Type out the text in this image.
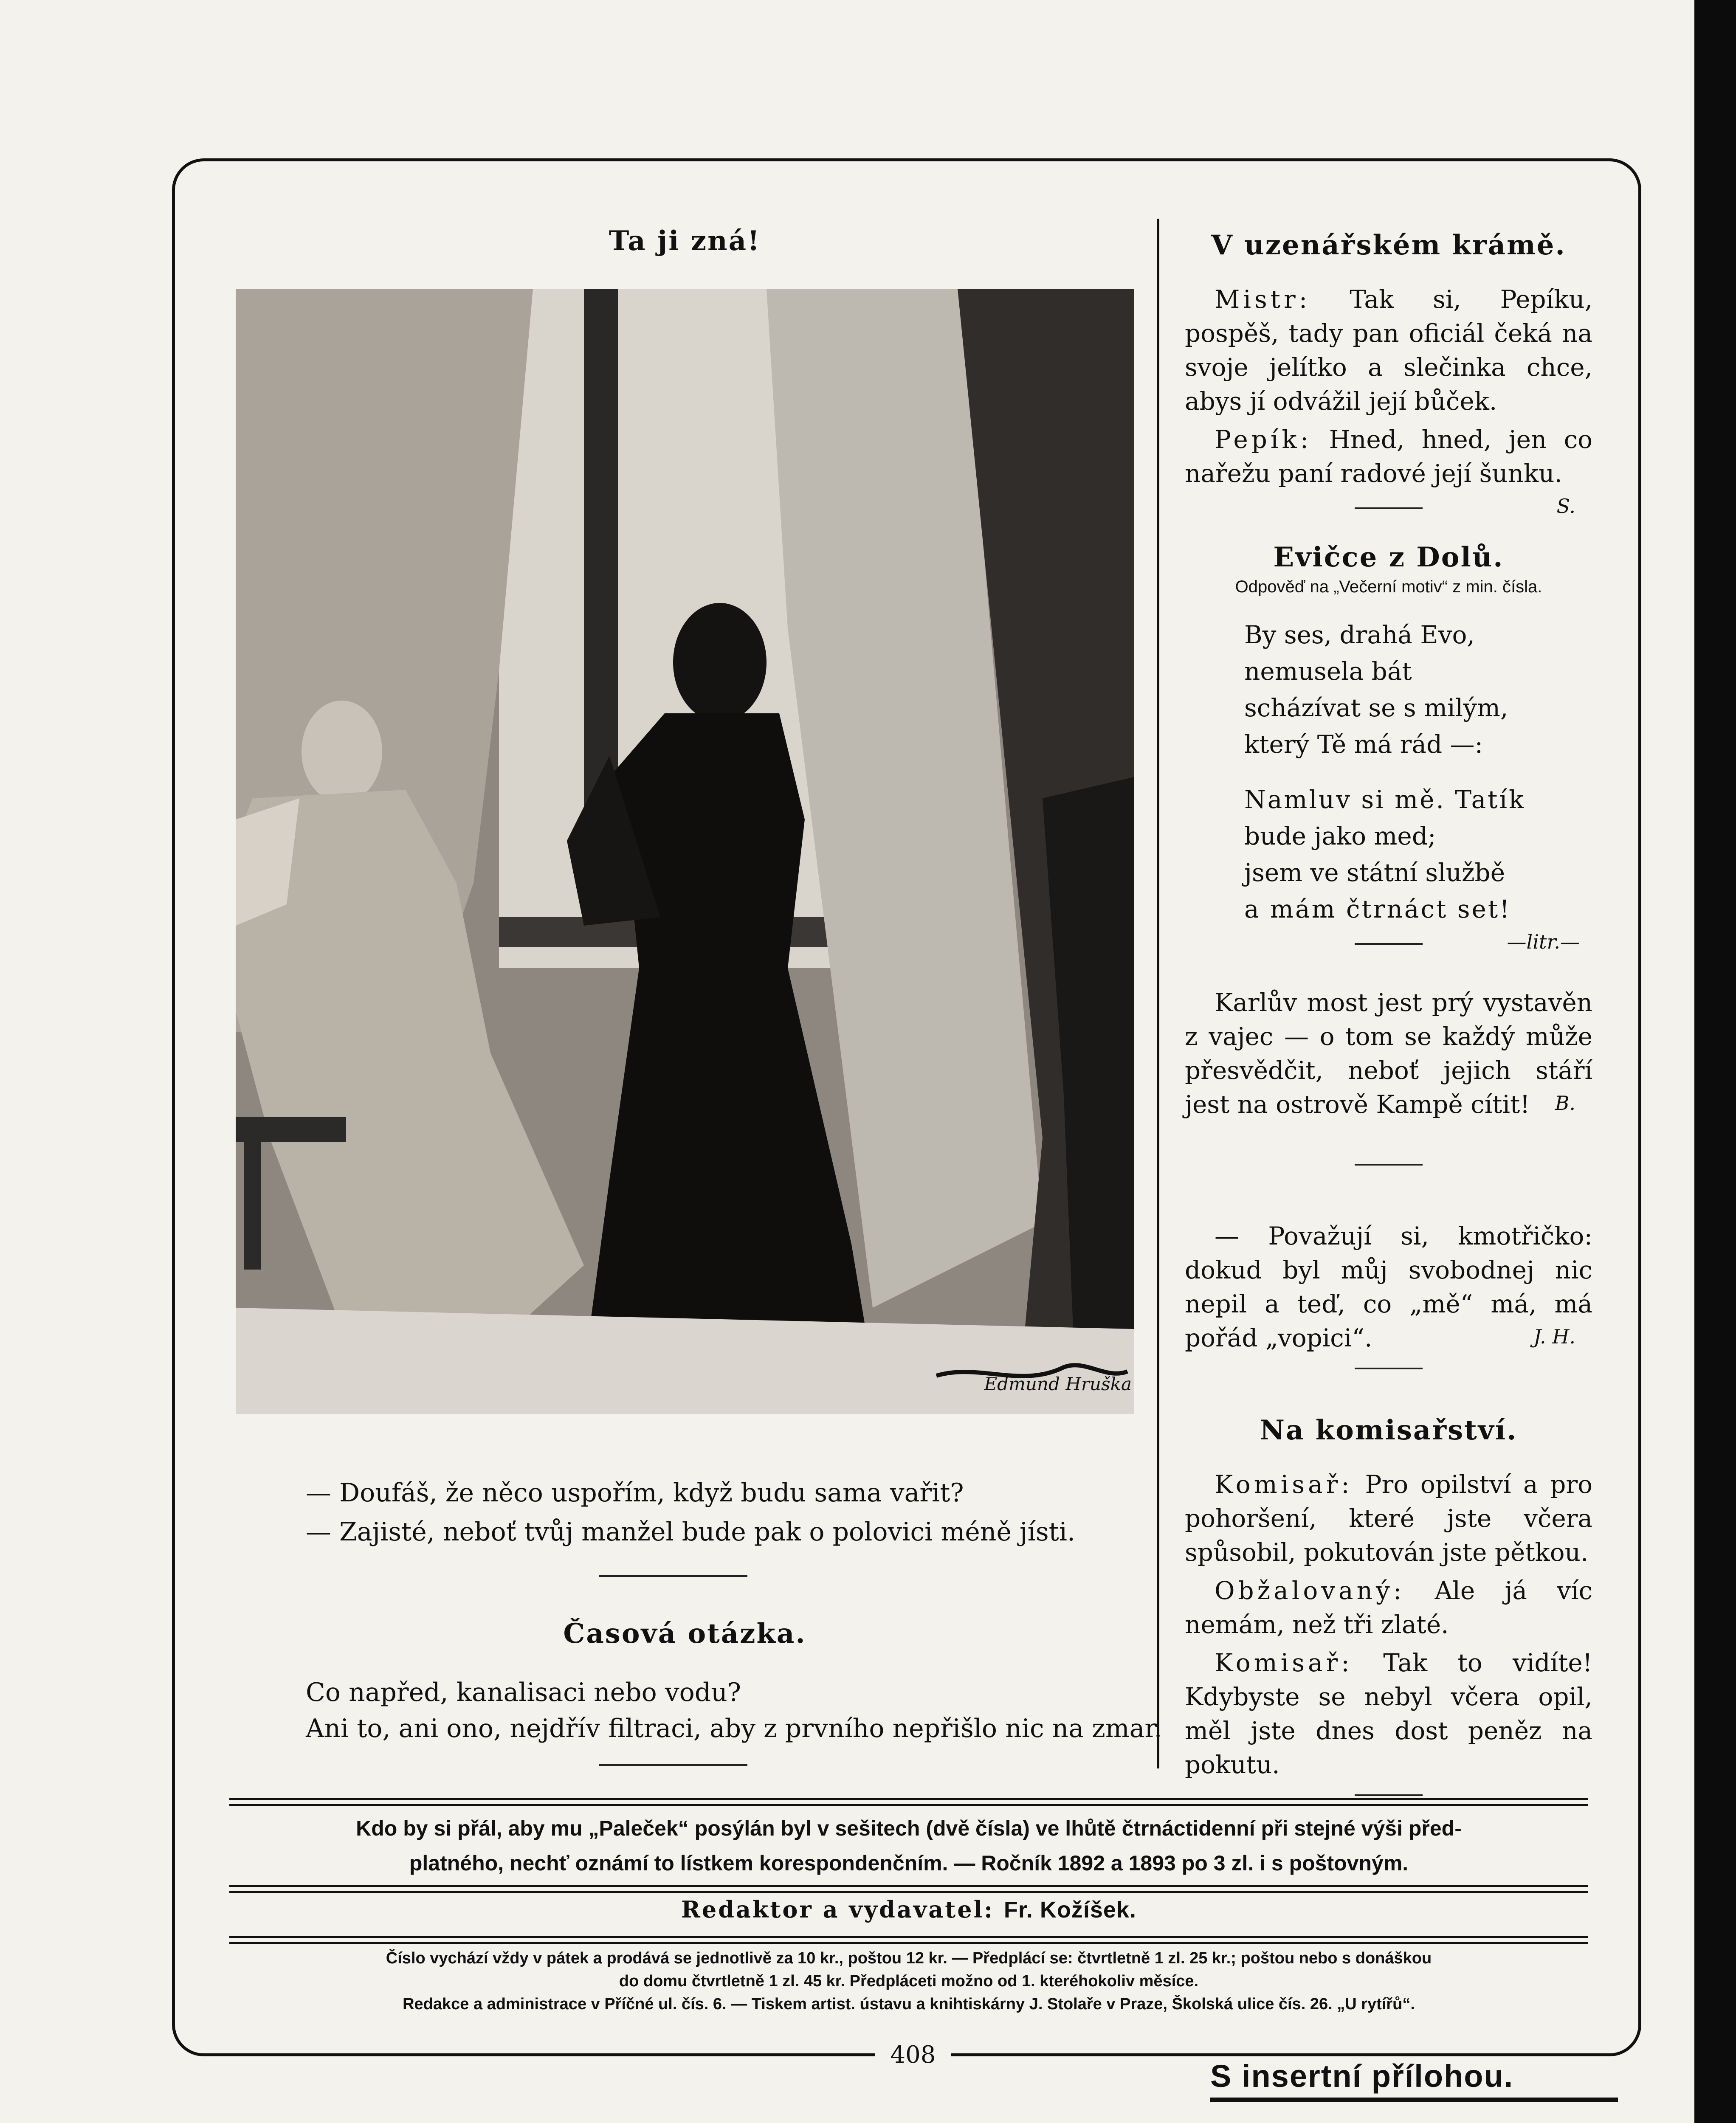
Ta ji zná!
Edmund Hruška
— Doufáš, že něco uspořím, když budu sama vařit?
— Zajisté, neboť tvůj manžel bude pak o polovici méně jísti.
Časová otázka.
Co napřed, kanalisaci nebo vodu?
Ani to, ani ono, nejdřív filtraci, aby z prvního nepřišlo nic na zmar.
V uzenářském krámě.

Mistr: Tak si, Pepíku, pospěš, tady pan oficiál čeká na svoje jelítko a slečinka chce, abys jí odvážil její bůček.

Pepík: Hned, hned, jen co nařežu paní radové její šunku.

S.
Evičce z Dolů.
Odpověď na „Večerní motiv“ z min. čísla.
By ses, drahá Evo,
nemusela bát
scházívat se s milým,
který Tě má rád —:
Namluv si mě. Tatík
bude jako med;
jsem ve státní službě
a mám čtrnáct set!
—litr.—

Karlův most jest prý vystavěn z vajec — o tom se každý může přesvědčit, neboť jejich stáří jest na ostrově Kampě cítit!	B.

— Považují si, kmotřičko: dokud byl můj svobodnej nic nepil a teď, co „mě“ má, má pořád „vopici“.	J. H.
Na komisařství.

Komisař: Pro opilství a pro pohoršení, které jste včera spůsobil, pokutován jste pětkou.

Obžalovaný: Ale já víc nemám, než tři zlaté.

Komisař: Tak to vidíte! Kdybyste se nebyl včera opil, měl jste dnes dost peněz na pokutu.

Kdo by si přál, aby mu „Paleček“ posýlán byl v sešitech (dvě čísla) ve lhůtě čtrnáctidenní při stejné výši před-
platného, nechť oznámí to lístkem korespondenčním. — Ročník 1892 a 1893 po 3 zl. i s poštovným.
Redaktor a vydavatel: Fr. Kožíšek.
Číslo vychází vždy v pátek a prodává se jednotlivě za 10 kr., poštou 12 kr. — Předplácí se: čtvrtletně 1 zl. 25 kr.; poštou nebo s donáškou
do domu čtvrtletně 1 zl. 45 kr. Předpláceti možno od 1. kteréhokoliv měsíce.
Redakce a administrace v Příčné ul. čís. 6. — Tiskem artist. ústavu a knihtiskárny J. Stolaře v Praze, Školská ulice čís. 26. „U rytířů“.
408
S insertní přílohou.
